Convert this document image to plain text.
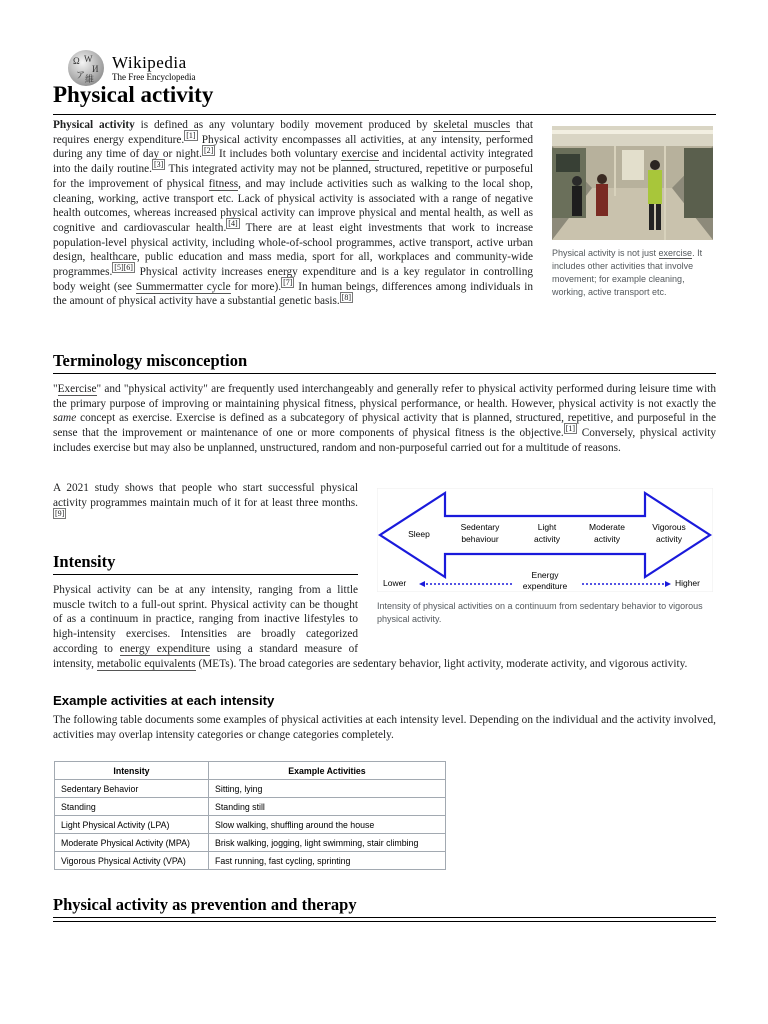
Ω W
И
ア 維
Wikipedia
The Free Encyclopedia
Physical activity

Physical activity is defined as any voluntary bodily movement produced by skeletal muscles that requires energy expenditure. [1] Physical activity encompasses all activities, at any intensity, performed during any time of day or night. [2] It includes both voluntary exercise and incidental activity integrated into the daily routine. [3] This integrated activity may not be planned, structured, repetitive or purposeful for the improvement of physical fitness, and may include activities such as walking to the local shop, cleaning, working, active transport etc. Lack of physical activity is associated with a range of negative health outcomes, whereas increased physical activity can improve physical and mental health, as well as cognitive and cardiovascular health. [4] There are at least eight investments that work to increase population-level physical activity, including whole-of-school programmes, active transport, active urban design, healthcare, public education and mass media, sport for all, workplaces and community-wide programmes. [5][6] Physical activity increases energy expenditure and is a key regulator in controlling body weight (see Summermatter cycle for more). [7] In human beings, differences among individuals in the amount of physical activity have a substantial genetic basis. [8]

Physical activity is not just exercise. It includes other activities that involve movement; for example cleaning, working, active transport etc.
Terminology misconception

"Exercise" and "physical activity" are frequently used interchangeably and generally refer to physical activity performed during leisure time with the primary purpose of improving or maintaining physical fitness, physical performance, or health. However, physical activity is not exactly the same concept as exercise. Exercise is defined as a subcategory of physical activity that is planned, structured, repetitive, and purposeful in the sense that the improvement or maintenance of one or more components of physical fitness is the objective. [1] Conversely, physical activity includes exercise but may also be unplanned, unstructured, random and non-purposeful carried out for a multitude of reasons.

A 2021 study shows that people who start successful physical activity programmes maintain much of it for at least three months.[9]

Sleep
Sedentary behaviour
Light activity
Moderate activity
Vigorous activity
Lower	Higher
Energy expenditure
Intensity of physical activities on a continuum from sedentary behavior to vigorous physical activity.
Intensity

Physical activity can be at any intensity, ranging from a little muscle twitch to a full-out sprint. Physical activity can be thought of as a continuum in practice, ranging from inactive lifestyles to high-intensity exercises. Intensities are broadly categorized according to energy expenditure using a standard measure of intensity, metabolic equivalents (METs). The broad categories are sedentary behavior, light activity, moderate activity, and vigorous activity.

Example activities at each intensity

The following table documents some examples of physical activities at each intensity level. Depending on the individual and the activity involved, activities may overlap intensity categories or change categories completely.

Intensity	Example Activities
Sedentary Behavior	Sitting, lying
Standing	Standing still
Light Physical Activity (LPA)	Slow walking, shuffling around the house
Moderate Physical Activity (MPA)	Brisk walking, jogging, light swimming, stair climbing
Vigorous Physical Activity (VPA)	Fast running, fast cycling, sprinting
Physical activity as prevention and therapy
